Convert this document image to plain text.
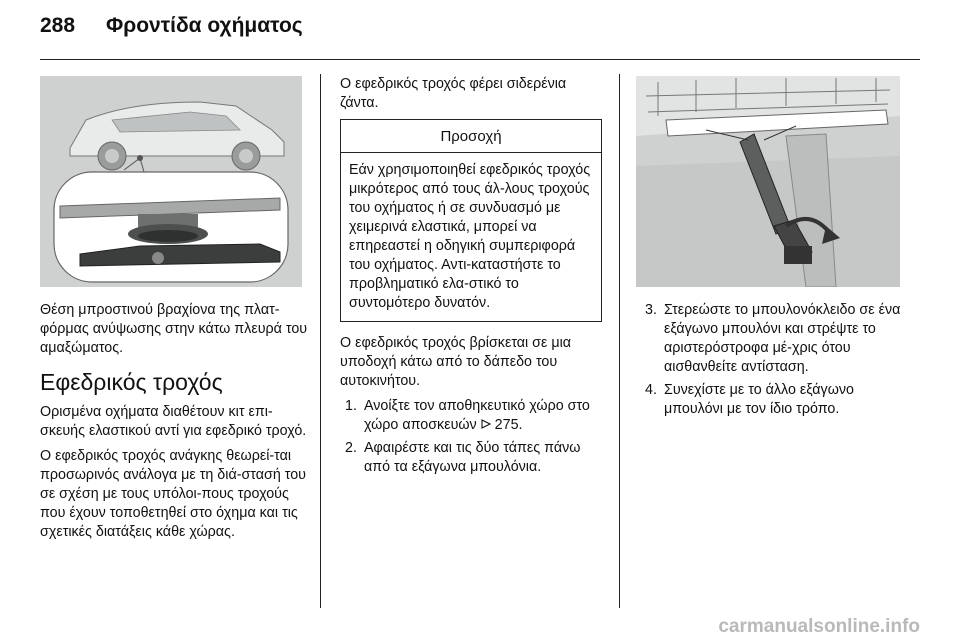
288 Φροντίδα οχήματος

Θέση μπροστινού βραχίονα της πλατ-φόρμας ανύψωσης στην κάτω πλευρά του αμαξώματος.

Εφεδρικός τροχός

Ορισμένα οχήματα διαθέτουν κιτ επι-σκευής ελαστικού αντί για εφεδρικό τροχό.

Ο εφεδρικός τροχός ανάγκης θεωρεί-ται προσωρινός ανάλογα με τη διά-στασή του σε σχέση με τους υπόλοι-πους τροχούς που έχουν τοποθετηθεί στο όχημα και τις σχετικές διατάξεις κάθε χώρας.

Ο εφεδρικός τροχός φέρει σιδερένια ζάντα.

Προσοχή
Εάν χρησιμοποιηθεί εφεδρικός τροχός μικρότερος από τους άλ-λους τροχούς του οχήματος ή σε συνδυασμό με χειμερινά ελαστικά, μπορεί να επηρεαστεί η οδηγική συμπεριφορά του οχήματος. Αντι-καταστήστε το προβληματικό ελα-στικό το συντομότερο δυνατόν.

Ο εφεδρικός τροχός βρίσκεται σε μια υποδοχή κάτω από το δάπεδο του αυτοκινήτου.

1. Ανοίξτε τον αποθηκευτικό χώρο στο χώρο αποσκευών 275.
2. Αφαιρέστε και τις δύο τάπες πάνω από τα εξάγωνα μπουλόνια.
3. Στερεώστε το μπουλονόκλειδο σε ένα εξάγωνο μπουλόνι και στρέψτε το αριστερόστροφα μέ-χρις ότου αισθανθείτε αντίσταση.
4. Συνεχίστε με το άλλο εξάγωνο μπουλόνι με τον ίδιο τρόπο.
carmanualsonline.info
